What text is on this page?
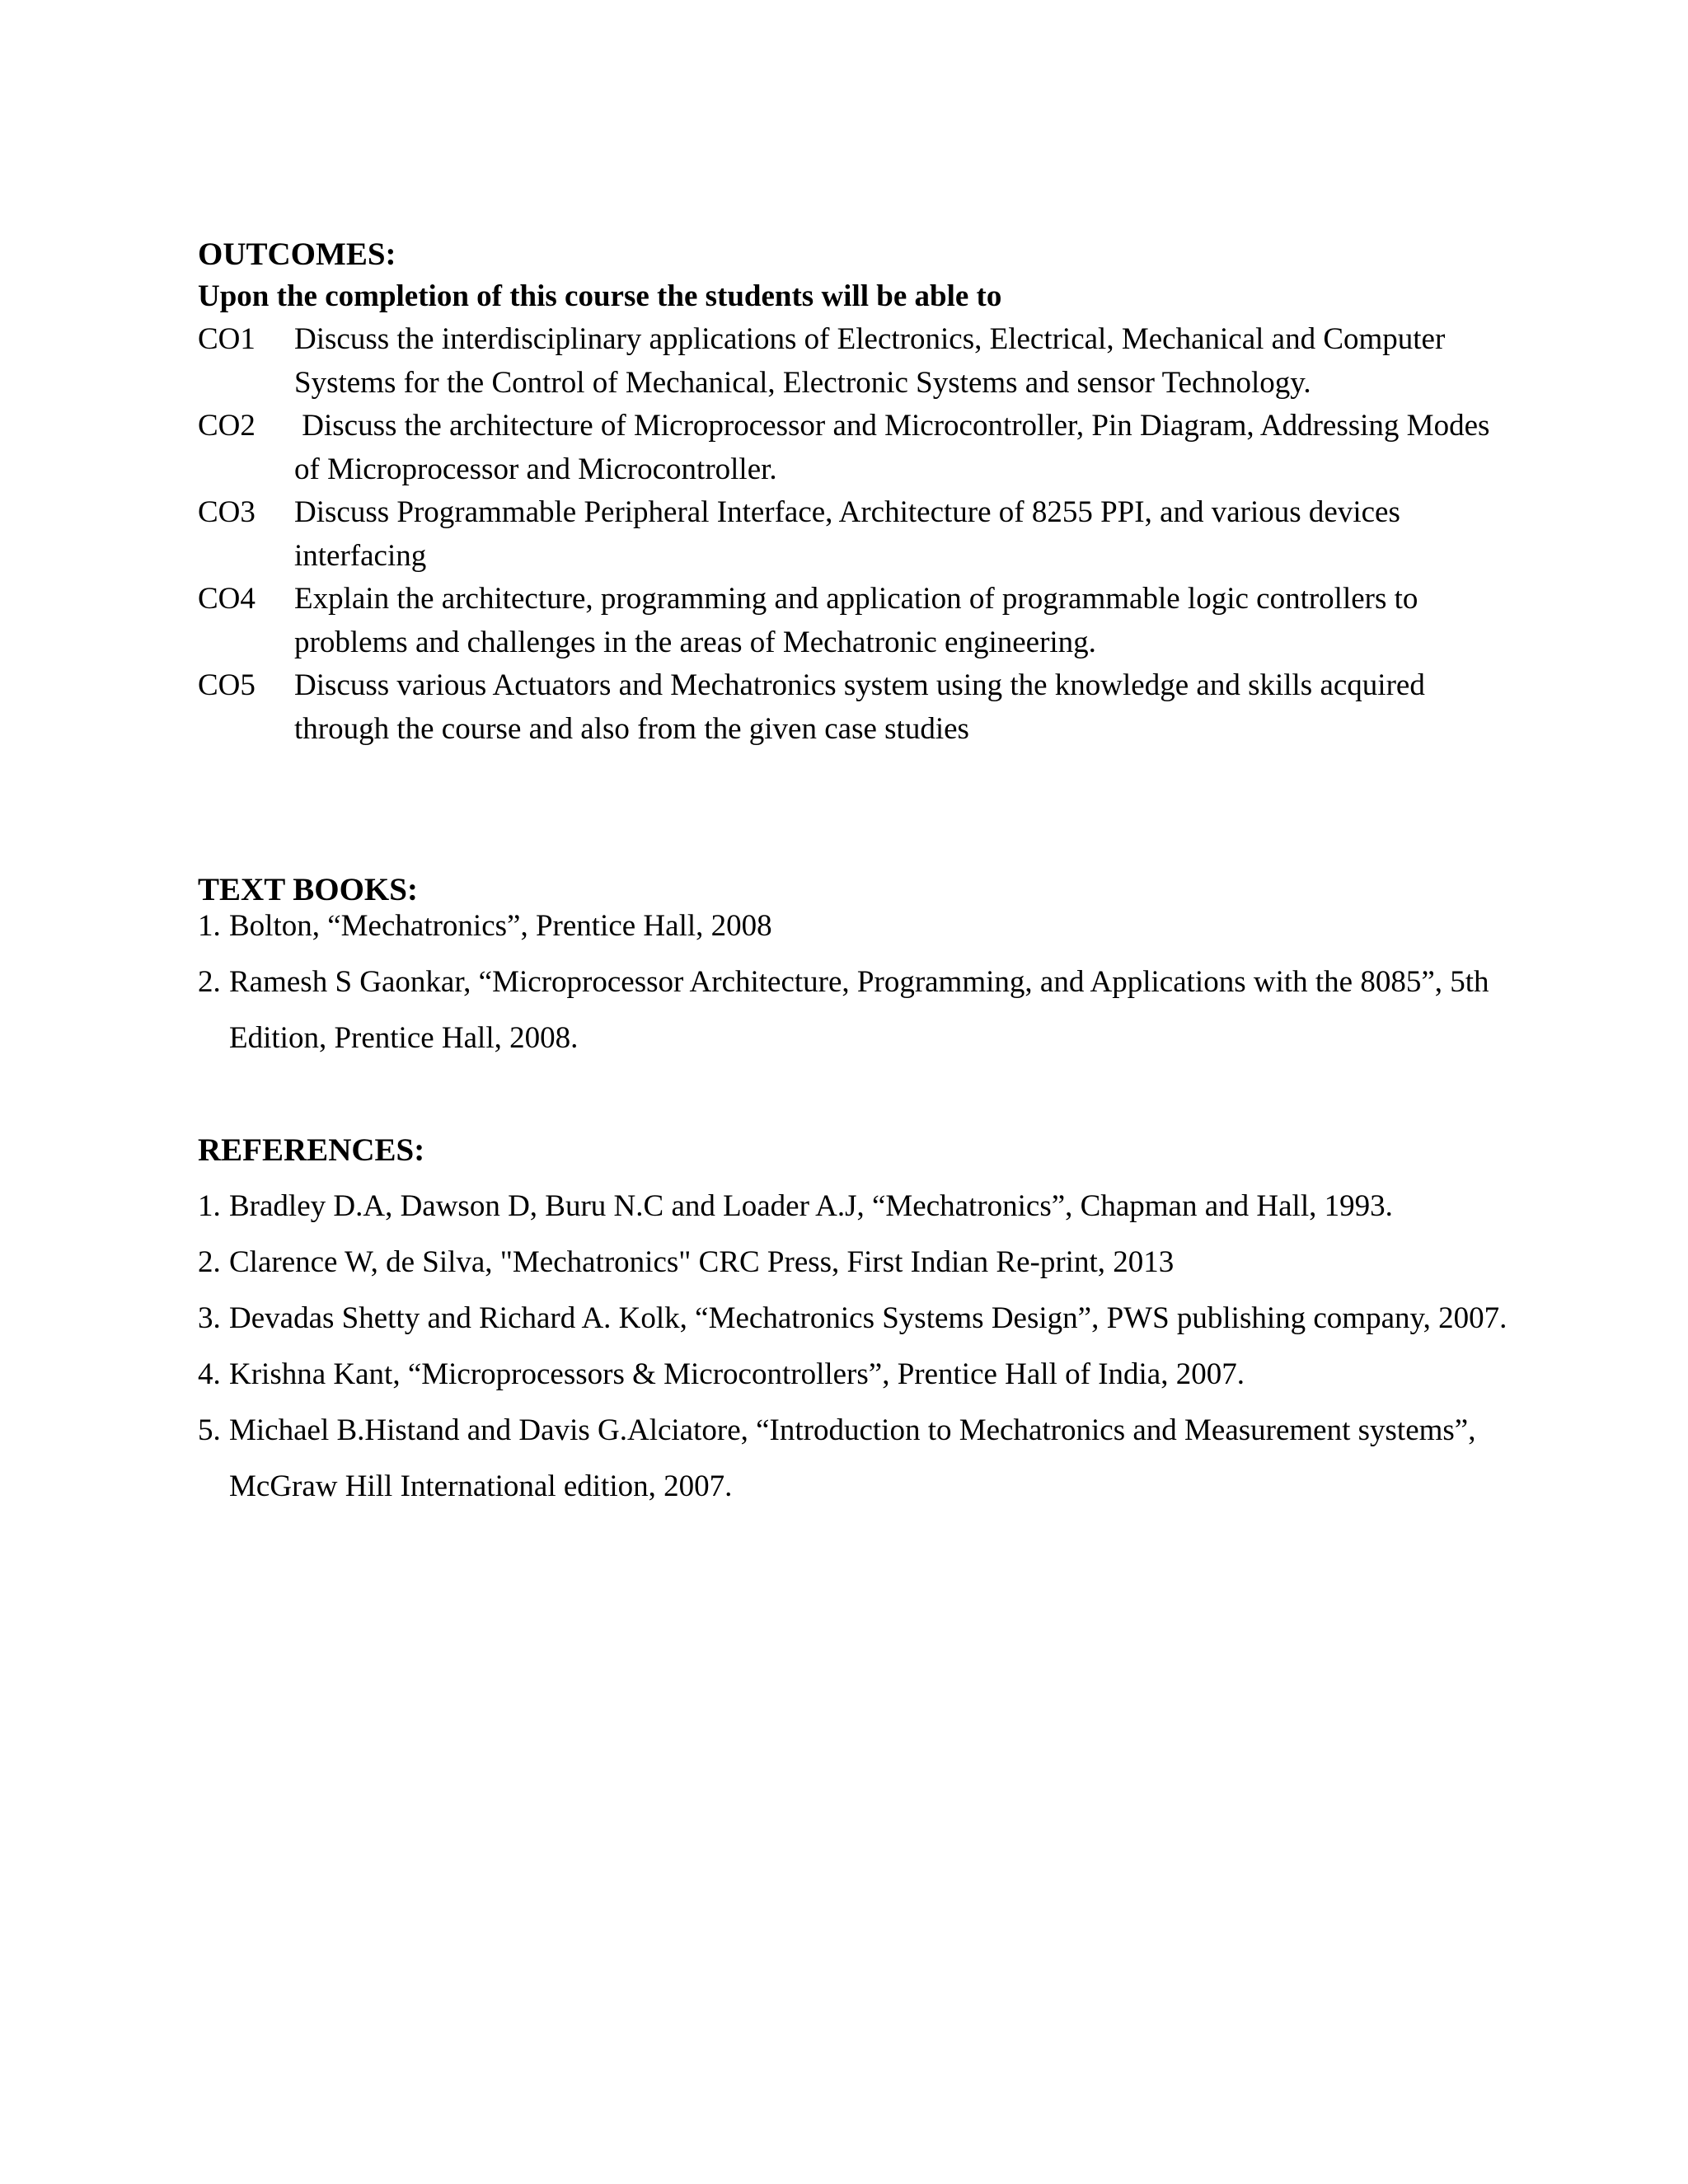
OUTCOMES:
Upon the completion of this course the students will be able to
CO1	Discuss the interdisciplinary applications of Electronics, Electrical, Mechanical and Computer Systems for the Control of Mechanical, Electronic Systems and sensor Technology.
CO2	Discuss the architecture of Microprocessor and Microcontroller, Pin Diagram, Addressing Modes of Microprocessor and Microcontroller.
CO3	Discuss Programmable Peripheral Interface, Architecture of 8255 PPI, and various devices  interfacing
CO4	Explain the architecture, programming and application of programmable logic controllers to problems and challenges in the areas of Mechatronic engineering.
CO5	Discuss various Actuators and Mechatronics system using the knowledge and skills acquired through the course and also from the given case studies
TEXT BOOKS:
1. Bolton, “Mechatronics”, Prentice Hall, 2008
2. Ramesh S Gaonkar, “Microprocessor Architecture, Programming, and Applications with the 8085”, 5th Edition, Prentice Hall, 2008.
REFERENCES:
1. Bradley D.A, Dawson D, Buru N.C and Loader A.J, “Mechatronics”, Chapman and Hall, 1993.
2. Clarence W, de Silva, "Mechatronics" CRC Press, First Indian Re-print, 2013
3. Devadas Shetty and Richard A. Kolk, “Mechatronics Systems Design”, PWS publishing company, 2007.
4. Krishna Kant, “Microprocessors & Microcontrollers”, Prentice Hall of India, 2007.
5. Michael B.Histand and Davis G.Alciatore, “Introduction to Mechatronics and Measurement systems”, McGraw Hill International edition, 2007.
